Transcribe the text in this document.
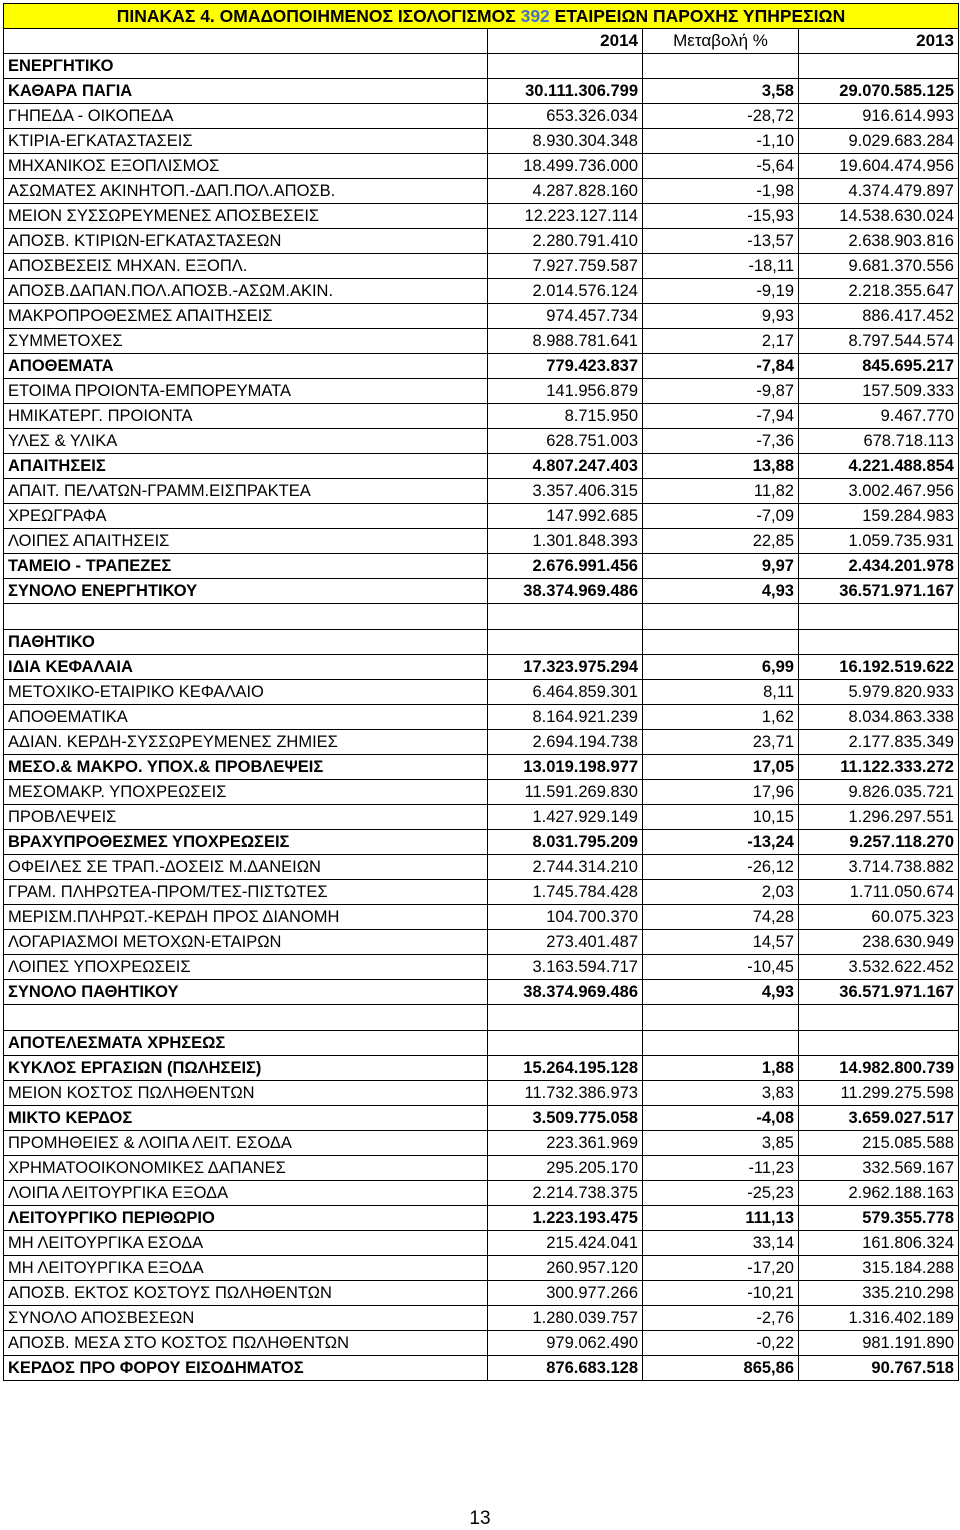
ΠΙΝΑΚΑΣ 4. ΟΜΑΔΟΠΟΙΗΜΕΝΟΣ ΙΣΟΛΟΓΙΣΜΟΣ 392 ΕΤΑΙΡΕΙΩΝ ΠΑΡΟΧΗΣ ΥΠΗΡΕΣΙΩΝ			
	2014	Μεταβολή %	2013
ΕΝΕΡΓΗΤΙΚΟ			
ΚΑΘΑΡΑ ΠΑΓΙΑ	30.111.306.799	3,58	29.070.585.125
ΓΗΠΕΔΑ - ΟΙΚΟΠΕΔΑ	653.326.034	-28,72	916.614.993
ΚΤΙΡΙΑ-ΕΓΚΑΤΑΣΤΑΣΕΙΣ	8.930.304.348	-1,10	9.029.683.284
ΜΗΧΑΝΙΚΟΣ ΕΞΟΠΛΙΣΜΟΣ	18.499.736.000	-5,64	19.604.474.956
ΑΣΩΜΑΤΕΣ ΑΚΙΝΗΤΟΠ.-ΔΑΠ.ΠΟΛ.ΑΠΟΣΒ.	4.287.828.160	-1,98	4.374.479.897
ΜΕΙΟΝ ΣΥΣΣΩΡΕΥΜΕΝΕΣ ΑΠΟΣΒΕΣΕΙΣ	12.223.127.114	-15,93	14.538.630.024
ΑΠΟΣΒ. ΚΤΙΡΙΩΝ-ΕΓΚΑΤΑΣΤΑΣΕΩΝ	2.280.791.410	-13,57	2.638.903.816
ΑΠΟΣΒΕΣΕΙΣ ΜΗΧΑΝ. ΕΞΟΠΛ.	7.927.759.587	-18,11	9.681.370.556
ΑΠΟΣΒ.ΔΑΠΑΝ.ΠΟΛ.ΑΠΟΣΒ.-ΑΣΩΜ.ΑΚΙΝ.	2.014.576.124	-9,19	2.218.355.647
ΜΑΚΡΟΠΡΟΘΕΣΜΕΣ ΑΠΑΙΤΗΣΕΙΣ	974.457.734	9,93	886.417.452
ΣΥΜΜΕΤΟΧΕΣ	8.988.781.641	2,17	8.797.544.574
ΑΠΟΘΕΜΑΤΑ	779.423.837	-7,84	845.695.217
ΕΤΟΙΜΑ ΠΡΟΙΟΝΤΑ-ΕΜΠΟΡΕΥΜΑΤΑ	141.956.879	-9,87	157.509.333
ΗΜΙΚΑΤΕΡΓ. ΠΡΟΙΟΝΤΑ	8.715.950	-7,94	9.467.770
ΥΛΕΣ & ΥΛΙΚΑ	628.751.003	-7,36	678.718.113
ΑΠΑΙΤΗΣΕΙΣ	4.807.247.403	13,88	4.221.488.854
ΑΠΑΙΤ. ΠΕΛΑΤΩΝ-ΓΡΑΜΜ.ΕΙΣΠΡΑΚΤΕΑ	3.357.406.315	11,82	3.002.467.956
ΧΡΕΩΓΡΑΦΑ	147.992.685	-7,09	159.284.983
ΛΟΙΠΕΣ ΑΠΑΙΤΗΣΕΙΣ	1.301.848.393	22,85	1.059.735.931
ΤΑΜΕΙΟ - ΤΡΑΠΕΖΕΣ	2.676.991.456	9,97	2.434.201.978
ΣΥΝΟΛΟ ΕΝΕΡΓΗΤΙΚΟΥ	38.374.969.486	4,93	36.571.971.167

ΠΑΘΗΤΙΚΟ			
ΙΔΙΑ ΚΕΦΑΛΑΙΑ	17.323.975.294	6,99	16.192.519.622
ΜΕΤΟΧΙΚΟ-ΕΤΑΙΡΙΚΟ ΚΕΦΑΛΑΙΟ	6.464.859.301	8,11	5.979.820.933
ΑΠΟΘΕΜΑΤΙΚΑ	8.164.921.239	1,62	8.034.863.338
ΑΔΙΑΝ. ΚΕΡΔΗ-ΣΥΣΣΩΡΕΥΜΕΝΕΣ ΖΗΜΙΕΣ	2.694.194.738	23,71	2.177.835.349
ΜΕΣΟ.& ΜΑΚΡΟ. ΥΠΟΧ.& ΠΡΟΒΛΕΨΕΙΣ	13.019.198.977	17,05	11.122.333.272
ΜΕΣΟΜΑΚΡ. ΥΠΟΧΡΕΩΣΕΙΣ	11.591.269.830	17,96	9.826.035.721
ΠΡΟΒΛΕΨΕΙΣ	1.427.929.149	10,15	1.296.297.551
ΒΡΑΧΥΠΡΟΘΕΣΜΕΣ ΥΠΟΧΡΕΩΣΕΙΣ	8.031.795.209	-13,24	9.257.118.270
ΟΦΕΙΛΕΣ ΣΕ ΤΡΑΠ.-ΔΟΣΕΙΣ Μ.ΔΑΝΕΙΩΝ	2.744.314.210	-26,12	3.714.738.882
ΓΡΑΜ. ΠΛΗΡΩΤΕΑ-ΠΡΟΜ/ΤΕΣ-ΠΙΣΤΩΤΕΣ	1.745.784.428	2,03	1.711.050.674
ΜΕΡΙΣΜ.ΠΛΗΡΩΤ.-ΚΕΡΔΗ ΠΡΟΣ ΔΙΑΝΟΜΗ	104.700.370	74,28	60.075.323
ΛΟΓΑΡΙΑΣΜΟΙ ΜΕΤΟΧΩΝ-ΕΤΑΙΡΩΝ	273.401.487	14,57	238.630.949
ΛΟΙΠΕΣ ΥΠΟΧΡΕΩΣΕΙΣ	3.163.594.717	-10,45	3.532.622.452
ΣΥΝΟΛΟ ΠΑΘΗΤΙΚΟΥ	38.374.969.486	4,93	36.571.971.167

ΑΠΟΤΕΛΕΣΜΑΤΑ ΧΡΗΣΕΩΣ			
ΚΥΚΛΟΣ ΕΡΓΑΣΙΩΝ (ΠΩΛΗΣΕΙΣ)	15.264.195.128	1,88	14.982.800.739
ΜΕΙΟΝ ΚΟΣΤΟΣ ΠΩΛΗΘΕΝΤΩΝ	11.732.386.973	3,83	11.299.275.598
ΜΙΚΤΟ ΚΕΡΔΟΣ	3.509.775.058	-4,08	3.659.027.517
ΠΡΟΜΗΘΕΙΕΣ & ΛΟΙΠΑ ΛΕΙΤ. ΕΣΟΔΑ	223.361.969	3,85	215.085.588
ΧΡΗΜΑΤΟΟΙΚΟΝΟΜΙΚΕΣ ΔΑΠΑΝΕΣ	295.205.170	-11,23	332.569.167
ΛΟΙΠΑ ΛΕΙΤΟΥΡΓΙΚΑ ΕΞΟΔΑ	2.214.738.375	-25,23	2.962.188.163
ΛΕΙΤΟΥΡΓΙΚΟ ΠΕΡΙΘΩΡΙΟ	1.223.193.475	111,13	579.355.778
ΜΗ ΛΕΙΤΟΥΡΓΙΚΑ ΕΣΟΔΑ	215.424.041	33,14	161.806.324
ΜΗ ΛΕΙΤΟΥΡΓΙΚΑ ΕΞΟΔΑ	260.957.120	-17,20	315.184.288
ΑΠΟΣΒ. ΕΚΤΟΣ ΚΟΣΤΟΥΣ ΠΩΛΗΘΕΝΤΩΝ	300.977.266	-10,21	335.210.298
ΣΥΝΟΛΟ ΑΠΟΣΒΕΣΕΩΝ	1.280.039.757	-2,76	1.316.402.189
ΑΠΟΣΒ. ΜΕΣΑ ΣΤΟ ΚΟΣΤΟΣ ΠΩΛΗΘΕΝΤΩΝ	979.062.490	-0,22	981.191.890
ΚΕΡΔΟΣ ΠΡΟ ΦΟΡΟΥ ΕΙΣΟΔΗΜΑΤΟΣ	876.683.128	865,86	90.767.518
13
